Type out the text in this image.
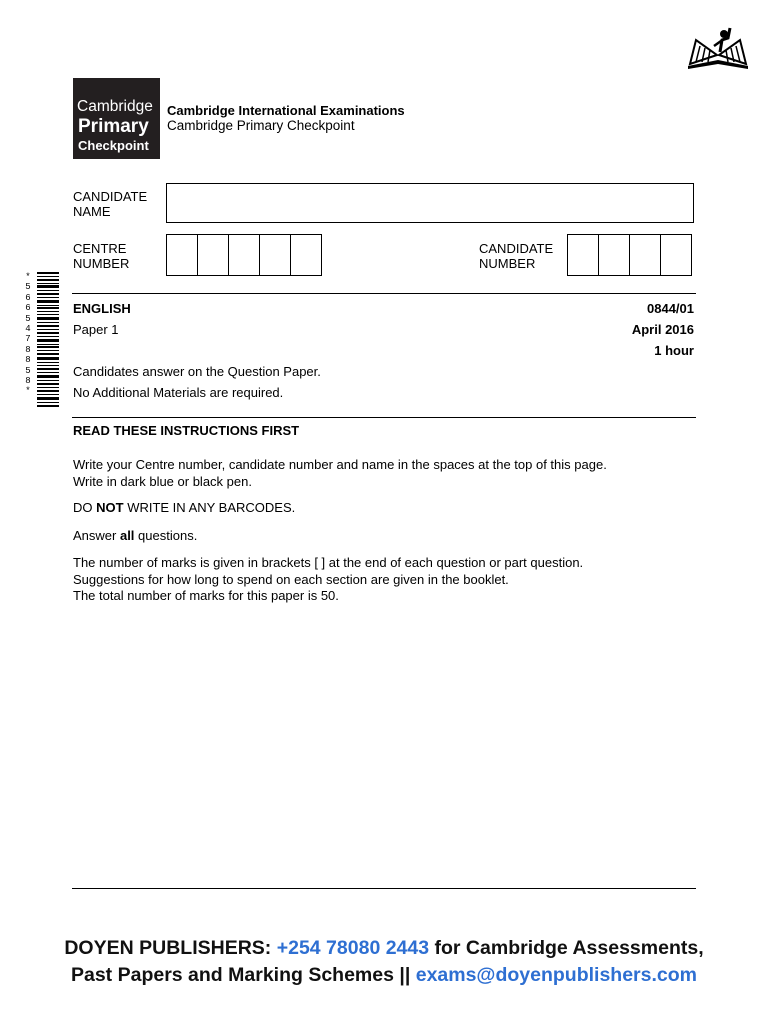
Cambridge
Primary
Checkpoint
Cambridge International Examinations
Cambridge Primary Checkpoint
CANDIDATE
NAME
CENTRE
NUMBER
CANDIDATE
NUMBER
*
5
6
6
5
4
7
8
8
5
8
*
ENGLISH	0844/01
Paper 1	April 2016
1 hour
Candidates answer on the Question Paper.
No Additional Materials are required.
READ THESE INSTRUCTIONS FIRST
Write your Centre number, candidate number and name in the spaces at the top of this page.
Write in dark blue or black pen.
DO NOT WRITE IN ANY BARCODES.
Answer all questions.
The number of marks is given in brackets [ ] at the end of each question or part question.
Suggestions for how long to spend on each section are given in the booklet.
The total number of marks for this paper is 50.
DOYEN PUBLISHERS: +254 78080 2443 for Cambridge Assessments,
Past Papers and Marking Schemes || exams@doyenpublishers.com
